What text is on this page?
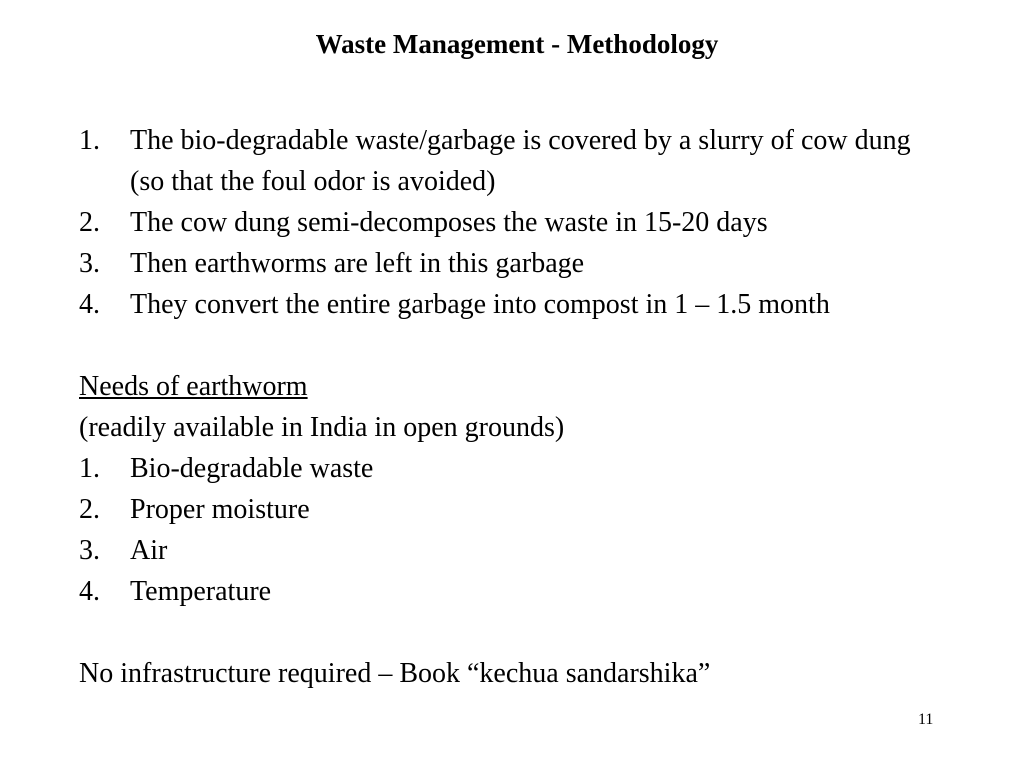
Waste Management - Methodology
1.	The bio-degradable waste/garbage is covered by a slurry of cow dung (so that the foul odor is avoided)
2.	The cow dung semi-decomposes the waste in 15-20 days
3.	Then earthworms are left in this garbage
4.	They convert the entire garbage into compost in 1 – 1.5 month
Needs of earthworm
(readily available in India in open grounds)
1.	Bio-degradable waste
2.	Proper moisture
3.	Air
4.	Temperature
No infrastructure required – Book “kechua sandarshika”
11
